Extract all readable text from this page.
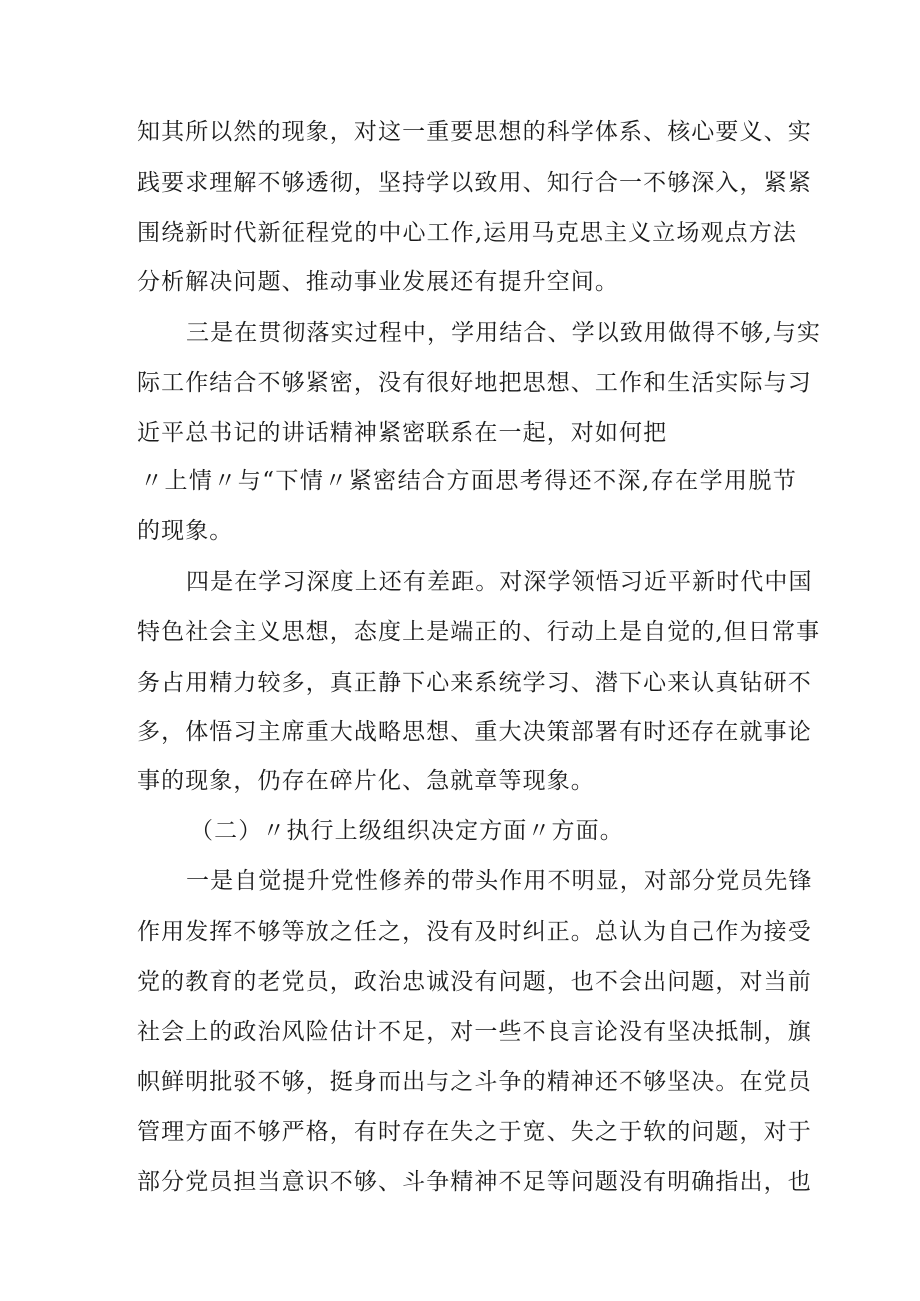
知其所以然的现象，对这一重要思想的科学体系、核心要义、实
践要求理解不够透彻，坚持学以致用、知行合一不够深入，紧紧
围绕新时代新征程党的中心工作,运用马克思主义立场观点方法
分析解决问题、推动事业发展还有提升空间。
三是在贯彻落实过程中，学用结合、学以致用做得不够,与实
际工作结合不够紧密，没有很好地把思想、工作和生活实际与习
近平总书记的讲话精神紧密联系在一起，对如何把
〃上情〃与“下情〃紧密结合方面思考得还不深,存在学用脱节
的现象。
四是在学习深度上还有差距。对深学领悟习近平新时代中国
特色社会主义思想，态度上是端正的、行动上是自觉的,但日常事
务占用精力较多，真正静下心来系统学习、潜下心来认真钻研不
多，体悟习主席重大战略思想、重大决策部署有时还存在就事论
事的现象，仍存在碎片化、急就章等现象。
（二）〃执行上级组织决定方面〃方面。
一是自觉提升党性修养的带头作用不明显，对部分党员先锋
作用发挥不够等放之任之，没有及时纠正。总认为自己作为接受
党的教育的老党员，政治忠诚没有问题，也不会出问题，对当前
社会上的政治风险估计不足，对一些不良言论没有坚决抵制，旗
帜鲜明批驳不够，挺身而出与之斗争的精神还不够坚决。在党员
管理方面不够严格，有时存在失之于宽、失之于软的问题，对于
部分党员担当意识不够、斗争精神不足等问题没有明确指出，也
